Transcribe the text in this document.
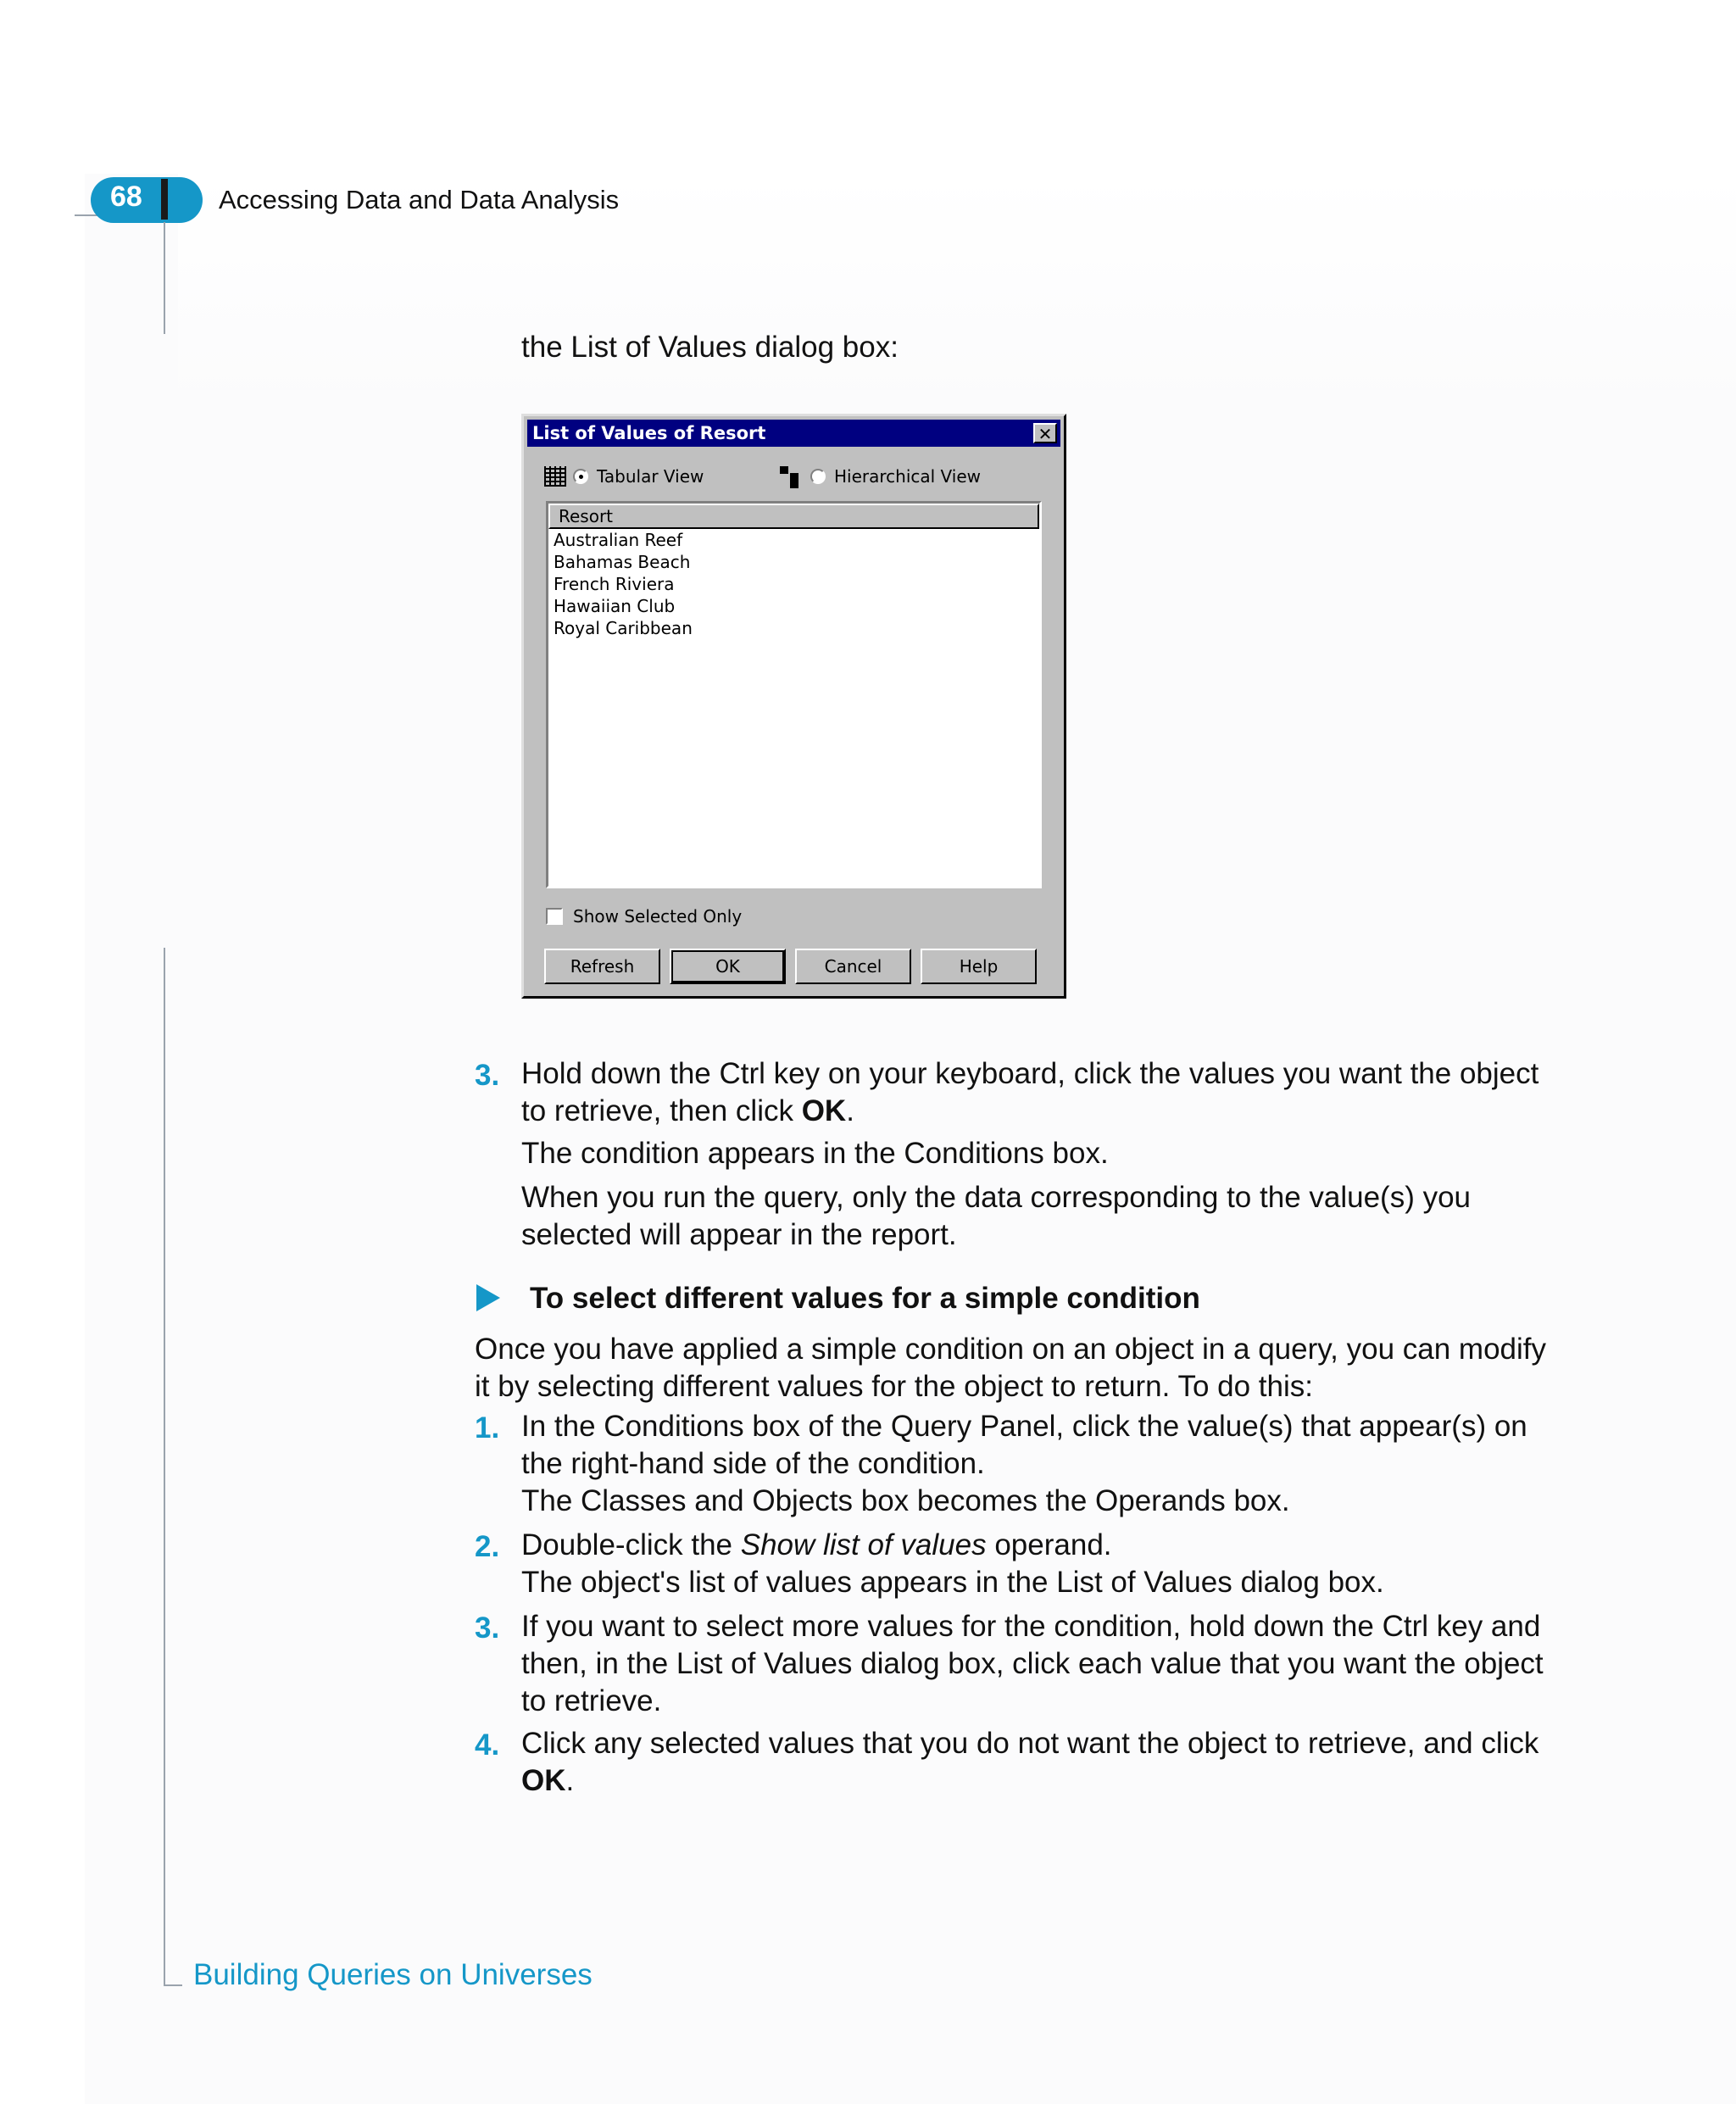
68	Accessing Data and Data Analysis
the List of Values dialog box:
List of Values of Resort	✕
Tabular View	Hierarchical View
Resort
Australian Reef
Bahamas Beach
French Riviera
Hawaiian Club
Royal Caribbean
Show Selected Only
Refresh	OK	Cancel	Help
3. Hold down the Ctrl key on your keyboard, click the values you want the object to retrieve, then click OK.
The condition appears in the Conditions box.
When you run the query, only the data corresponding to the value(s) you selected will appear in the report.
To select different values for a simple condition
Once you have applied a simple condition on an object in a query, you can modify it by selecting different values for the object to return. To do this:
1. In the Conditions box of the Query Panel, click the value(s) that appear(s) on the right-hand side of the condition.
The Classes and Objects box becomes the Operands box.
2. Double-click the Show list of values operand.
The object's list of values appears in the List of Values dialog box.
3. If you want to select more values for the condition, hold down the Ctrl key and then, in the List of Values dialog box, click each value that you want the object to retrieve.
4. Click any selected values that you do not want the object to retrieve, and click OK.
Building Queries on Universes
